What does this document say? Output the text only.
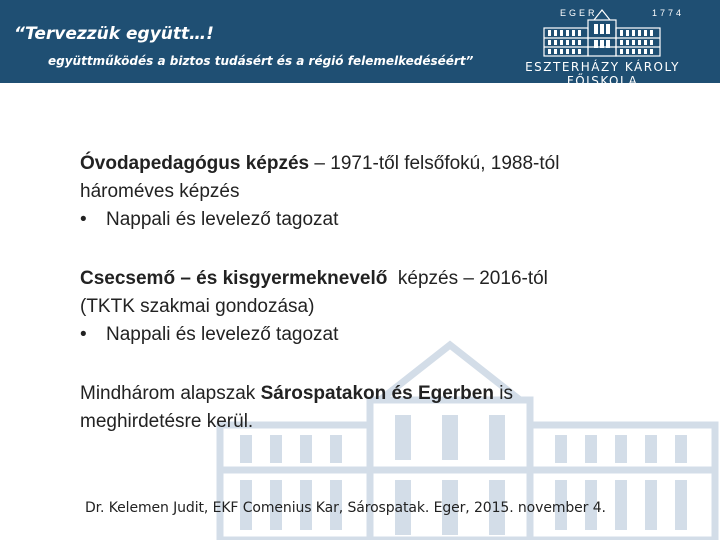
“Tervezzük együtt…!
együttműködés a biztos tudásért és a régió felemelkedéséért”
EGER	1774
ESZTERHÁZY KÁROLY FŐISKOLA

Óvodapedagógus képzés – 1971-től felsőfokú, 1988-tól

hároméves képzés

•	Nappali és levelező tagozat

Csecsemő – és kisgyermeknevelő  képzés – 2016-tól

(TKTK szakmai gondozása)

•	Nappali és levelező tagozat

Mindhárom alapszak Sárospatakon és Egerben is

meghirdetésre kerül.

Dr. Kelemen Judit, EKF Comenius Kar, Sárospatak. Eger, 2015. november 4.
